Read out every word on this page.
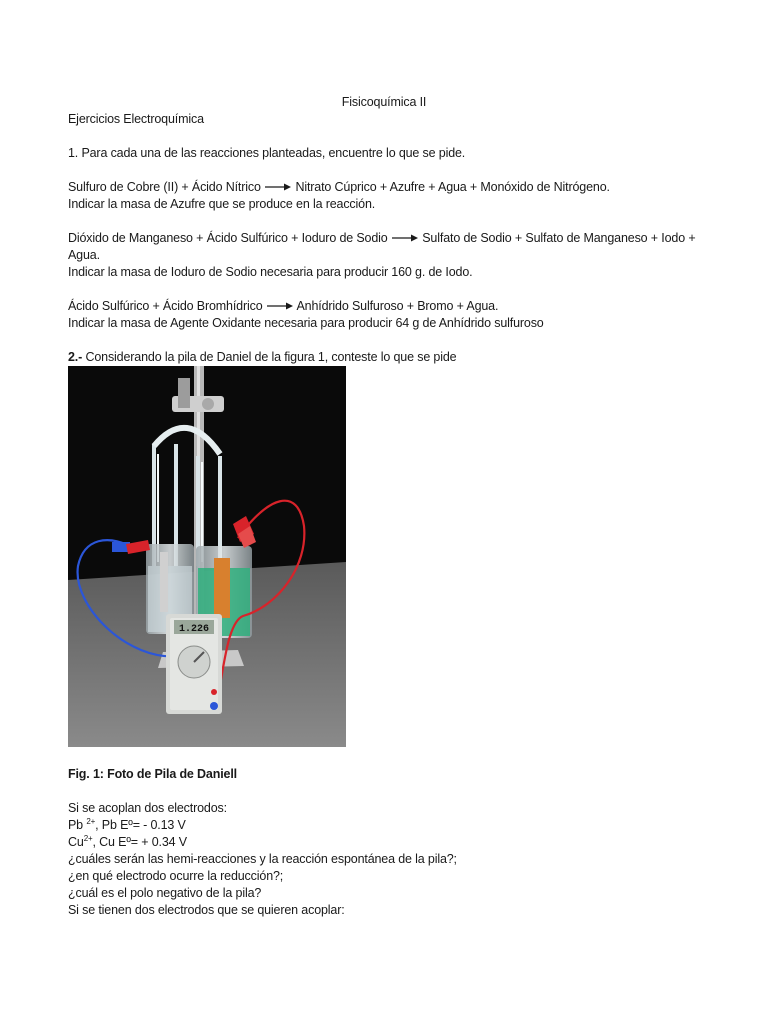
Fisicoquímica II
Ejercicios Electroquímica
1. Para cada una de las reacciones planteadas, encuentre lo que se pide.
Sulfuro de Cobre (II) + Ácido Nítrico	Nitrato Cúprico + Azufre + Agua + Monóxido de Nitrógeno.
Indicar la masa de Azufre que se produce en la reacción.
Dióxido de Manganeso + Ácido Sulfúrico + Ioduro de Sodio	Sulfato de Sodio + Sulfato de Manganeso + Iodo +
Agua.
Indicar la masa de Ioduro de Sodio necesaria para producir 160 g. de Iodo.
Ácido Sulfúrico + Ácido Bromhídrico	Anhídrido Sulfuroso + Bromo + Agua.
Indicar la masa de Agente Oxidante necesaria para producir 64 g de Anhídrido sulfuroso
2.- Considerando la pila de Daniel de la figura 1, conteste lo que se pide
1.226
Fig. 1: Foto de Pila de Daniell
Si se acoplan dos electrodos:
Pb $^{2+}$, Pb Eº= - 0.13 V
$Cu^{2+}$, Cu Eº= + 0.34 V
¿cuáles serán las hemi-reacciones y la reacción espontánea de la pila?;
¿en qué electrodo ocurre la reducción?;
¿cuál es el polo negativo de la pila?
Si se tienen dos electrodos que se quieren acoplar:
